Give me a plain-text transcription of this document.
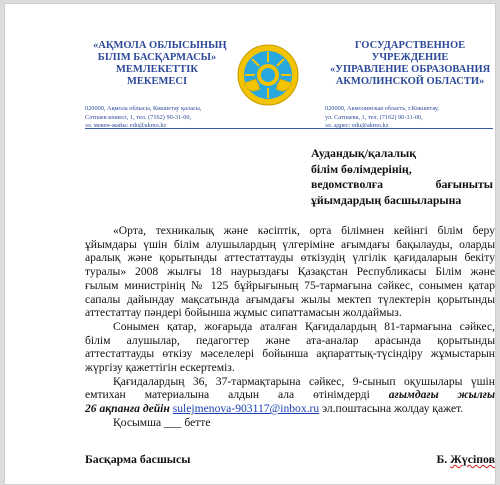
«АҚМОЛА ОБЛЫСЫНЫҢ
БІЛІМ БАСҚАРМАСЫ»
МЕМЛЕКЕТТІК
МЕКЕМЕСІ
ГОСУДАРСТВЕННОЕ
УЧРЕЖДЕНИЕ
«УПРАВЛЕНИЕ ОБРАЗОВАНИЯ
АКМОЛИНСКОЙ ОБЛАСТИ»
020000, Ақмола облысы, Көкшетау қаласы,
Сәтпаев көшесі, 1, тел. (7162) 90-31-00,
эл. мекен-жайы: edu@akmo.kz
020000, Акмолинская область, г.Кокшетау,
ул. Сатпаева, 1, тел. (7162) 90-31-00,
эл. адрес: edu@akmo.kz
Аудандық/қалалық
білім бөлімдерінің,
ведомстволға бағыныты
ұйымдардың басшыларына
«Орта, техникалық және кәсіптік, орта білімнен кейінгі білім беру
ұйымдары үшін білім алушылардың үлгеріміне ағымдағы бақылауды, оларды
аралық және қорытынды аттестаттауды өткізудің үлгілік қағидаларын бекіту
туралы» 2008 жылғы 18 наурыздағы Қазақстан Республикасы Білім және
ғылым министрінің № 125 бұйрығының 75-тармағына сәйкес, сонымен қатар
сапалы дайындау мақсатында ағымдағы жылы мектеп түлектерін қорытынды
аттестаттау пәндері бойынша жұмыс сипаттамасын жолдаймыз.
Сонымен қатар, жоғарыда аталған Қағидалардың 81-тармағына сәйкес,
білім алушылар, педагогтер және ата-аналар арасында қорытынды
аттестаттауды өткізу мәселелері бойынша ақпараттық-түсіндіру жұмыстарын
жүргізу қажеттігін ескертеміз.
Қағидалардың 36, 37-тармақтарына сәйкес, 9-сынып оқушылары үшін
емтихан материалына алдын ала өтінімдерді ағымдағы жылғы
26 ақпанға дейін sulejmenova-903117@inbox.ru эл.поштасына жолдау қажет.
Қосымша ___ бетте
Басқарма басшысы	Б. Жүсіпов
